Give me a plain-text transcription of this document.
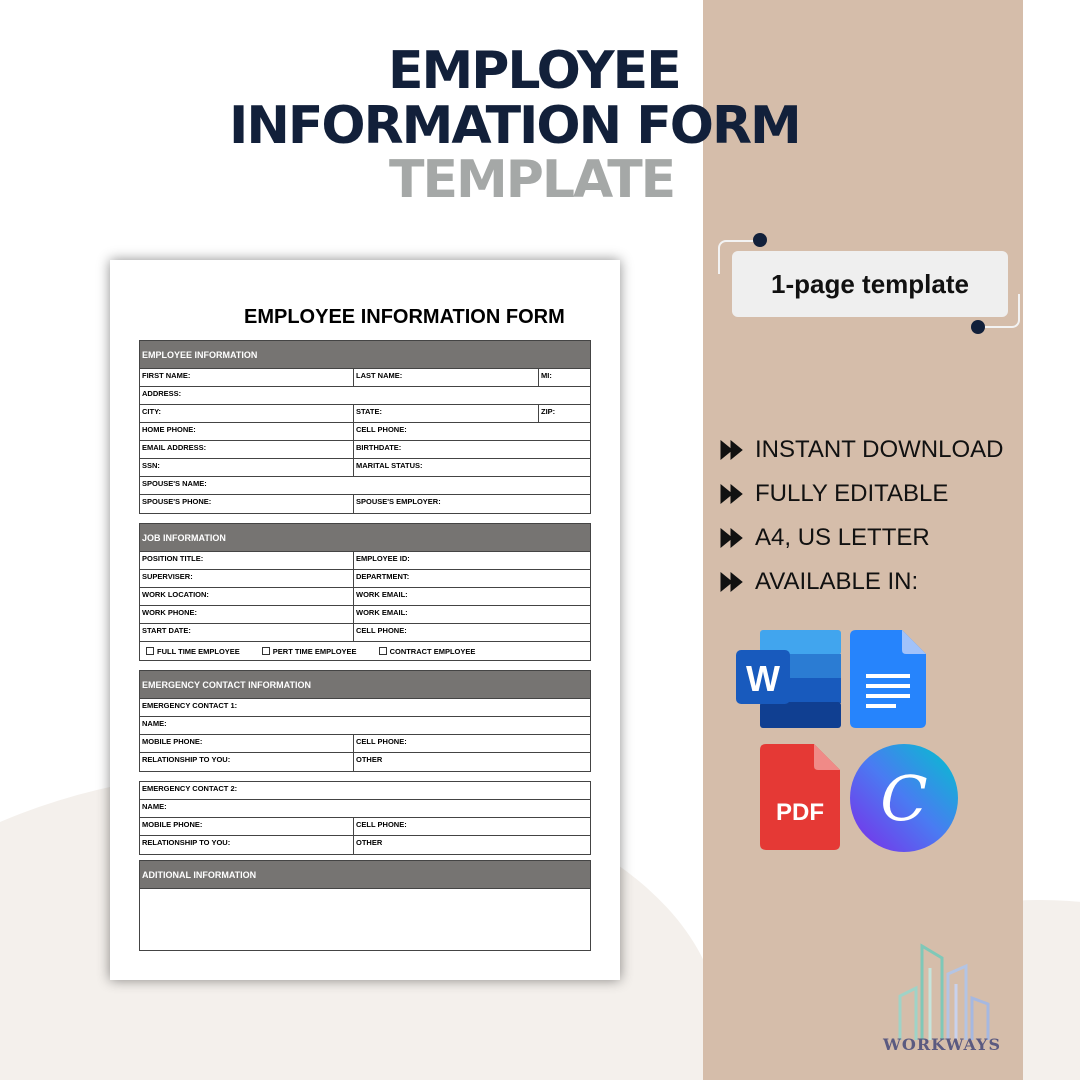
EMPLOYEE
INFORMATION FORM
TEMPLATE
1-page template
INSTANT DOWNLOAD
FULLY EDITABLE
A4, US LETTER
AVAILABLE IN:
W
PDF C
WORKWAYS
EMPLOYEE INFORMATION FORM
EMPLOYEE INFORMATION
FIRST NAME:	LAST NAME:	MI:
ADDRESS:
CITY:	STATE:	ZIP:
HOME PHONE:	CELL PHONE:
EMAIL ADDRESS:	BIRTHDATE:
SSN:	MARITAL STATUS:
SPOUSE'S NAME:
SPOUSE'S PHONE:	SPOUSE'S EMPLOYER:
JOB INFORMATION
POSITION TITLE:	EMPLOYEE ID:
SUPERVISER:	DEPARTMENT:
WORK LOCATION:	WORK EMAIL:
WORK PHONE:	WORK EMAIL:
START DATE:	CELL PHONE:
FULL TIME EMPLOYEE	PERT TIME EMPLOYEE	CONTRACT EMPLOYEE
EMERGENCY CONTACT INFORMATION
EMERGENCY CONTACT 1:
NAME:
MOBILE PHONE:	CELL PHONE:
RELATIONSHIP TO YOU:	OTHER
EMERGENCY CONTACT 2:
NAME:
MOBILE PHONE:	CELL PHONE:
RELATIONSHIP TO YOU:	OTHER
ADITIONAL INFORMATION
